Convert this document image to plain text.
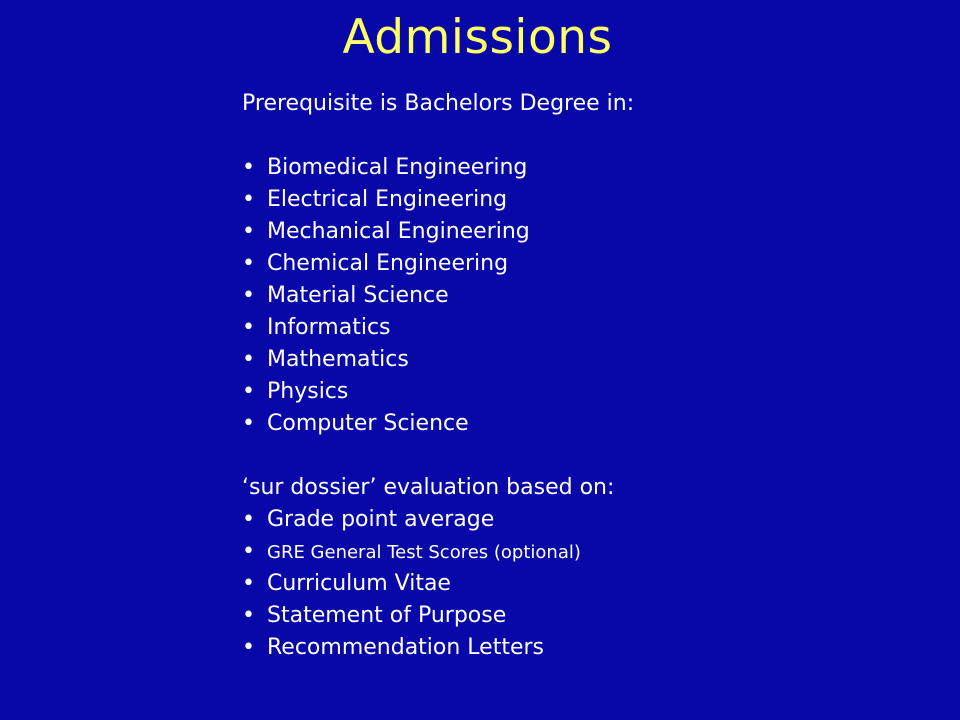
Admissions
Prerequisite is Bachelors Degree in:
• Biomedical Engineering
• Electrical Engineering
• Mechanical Engineering
• Chemical Engineering
• Material Science
• Informatics
• Mathematics
• Physics
• Computer Science
‘sur dossier’ evaluation based on:
• Grade point average
• GRE General Test Scores (optional)
• Curriculum Vitae
• Statement of Purpose
• Recommendation Letters
